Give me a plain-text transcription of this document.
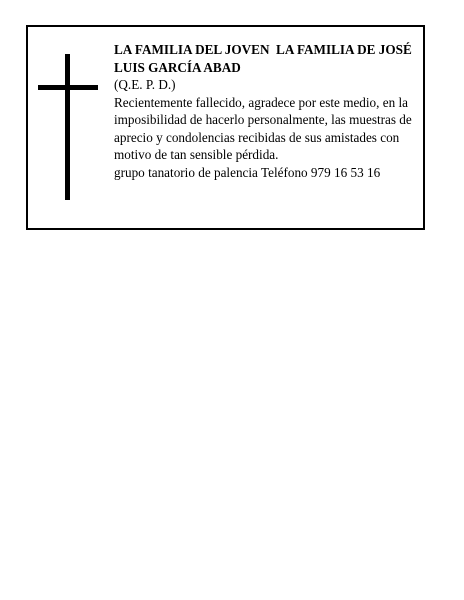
LA FAMILIA DEL JOVEN  LA FAMILIA DE JOSÉ LUIS GARCÍA ABAD

(Q.E. P. D.)

Recientemente fallecido, agradece por este medio, en la imposibilidad de hacerlo personalmente, las muestras de aprecio y condolencias recibidas de sus amistades con motivo de tan sensible pérdida.

grupo tanatorio de palencia Teléfono 979 16 53 16
